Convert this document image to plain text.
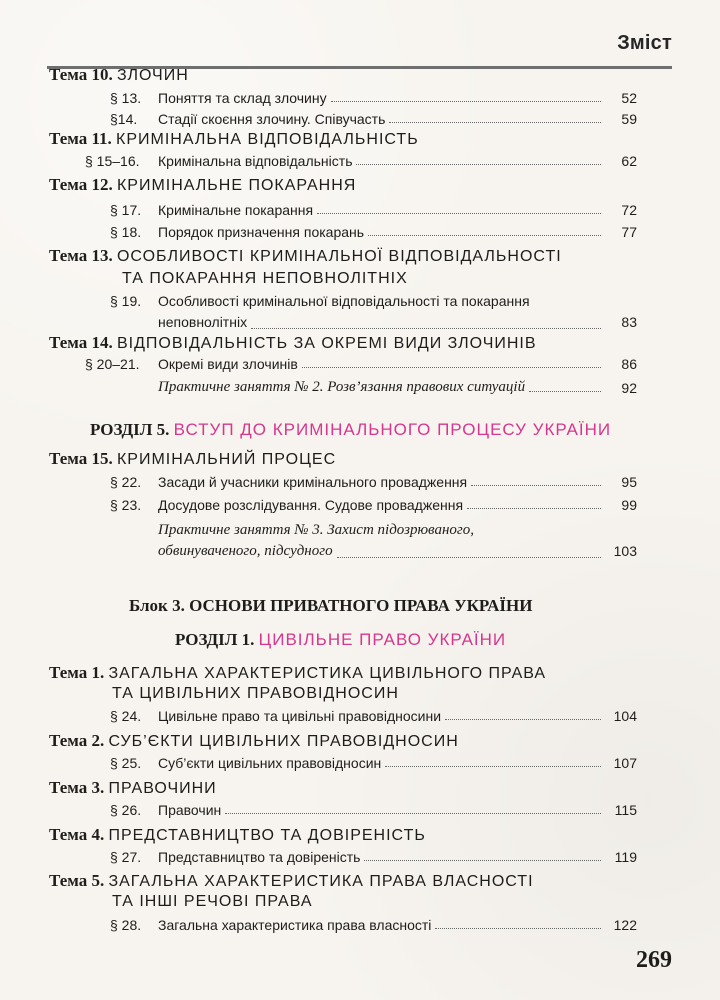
Зміст
Тема 10. ЗЛОЧИН
§ 13.	Поняття та склад злочину	52
§14.	Стадії скоєння злочину. Співучасть	59
Тема 11. КРИМІНАЛЬНА ВІДПОВІДАЛЬНІСТЬ
§ 15–16.	Кримінальна відповідальність	62
Тема 12. КРИМІНАЛЬНЕ ПОКАРАННЯ
§ 17.	Кримінальне покарання	72
§ 18.	Порядок призначення покарань	77
Тема 13. ОСОБЛИВОСТІ КРИМІНАЛЬНОЇ ВІДПОВІДАЛЬНОСТІ
ТА ПОКАРАННЯ НЕПОВНОЛІТНІХ
§ 19. Особливості кримінальної відповідальності та покарання
неповнолітніх	83
Тема 14. ВІДПОВІДАЛЬНІСТЬ ЗА ОКРЕМІ ВИДИ ЗЛОЧИНІВ
§ 20–21.	Окремі види злочинів	86
Практичне заняття № 2. Розв’язання правових ситуацій	92
РОЗДІЛ 5. ВСТУП ДО КРИМІНАЛЬНОГО ПРОЦЕСУ УКРАЇНИ
Тема 15. КРИМІНАЛЬНИЙ ПРОЦЕС
§ 22.	Засади й учасники кримінального провадження	95
§ 23.	Досудове розслідування. Судове провадження	99
Практичне заняття № 3. Захист підозрюваного,
обвинуваченого, підсудного	103
Блок 3. ОСНОВИ ПРИВАТНОГО ПРАВА УКРАЇНИ
РОЗДІЛ 1. ЦИВІЛЬНЕ ПРАВО УКРАЇНИ
Тема 1. ЗАГАЛЬНА ХАРАКТЕРИСТИКА ЦИВІЛЬНОГО ПРАВА
ТА ЦИВІЛЬНИХ ПРАВОВІДНОСИН
§ 24.	Цивільне право та цивільні правовідносини	104
Тема 2. СУБ’ЄКТИ ЦИВІЛЬНИХ ПРАВОВІДНОСИН
§ 25.	Суб’єкти цивільних правовідносин	107
Тема 3. ПРАВОЧИНИ
§ 26.	Правочин	115
Тема 4. ПРЕДСТАВНИЦТВО ТА ДОВІРЕНІСТЬ
§ 27.	Представництво та довіреність	119
Тема 5. ЗАГАЛЬНА ХАРАКТЕРИСТИКА ПРАВА ВЛАСНОСТІ
ТА ІНШІ РЕЧОВІ ПРАВА
§ 28.	Загальна характеристика права власності	122
269
